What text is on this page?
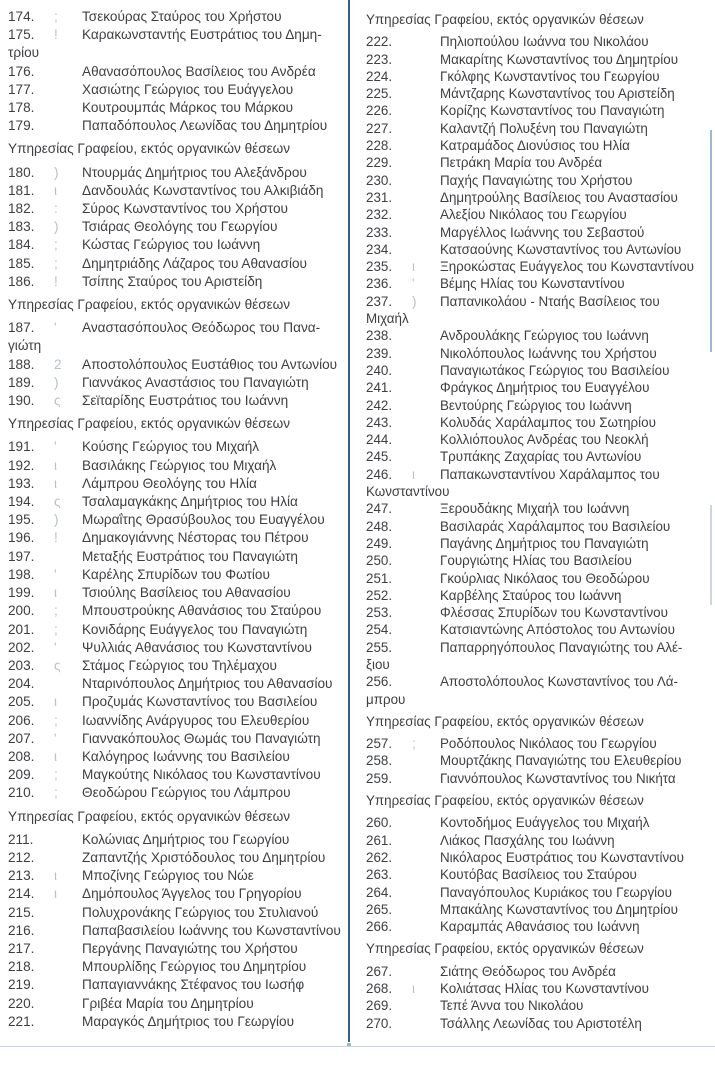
174. ; Τσεκούρας Σταύρος του Χρήστου

175. ! Καρακωνσταντής Ευστράτιος του Δημη-
τρίου

176.	Αθανασόπουλος Βασίλειος του Ανδρέα

177.	Χασιώτης Γεώργιος του Ευάγγελου

178.	Κουτρουμπάς Μάρκος του Μάρκου

179.	Παπαδόπουλος Λεωνίδας του Δημητρίου

Υπηρεσίας Γραφείου, εκτός οργανικών θέσεων

180. ) Ντουρμάς Δημήτριος του Αλεξάνδρου

181. ι Δανδουλάς Κωνσταντίνος του Αλκιβιάδη

182. : Σύρος Κωνσταντίνος του Χρήστου

183. ) Τσιάρας Θεολόγης του Γεωργίου

184. ; Κώστας Γεώργιος του Ιωάννη

185. ; Δημητριάδης Λάζαρος του Αθανασίου

186. ! Τσίπης Σταύρος του Αριστείδη

Υπηρεσίας Γραφείου, εκτός οργανικών θέσεων

187. ' Αναστασόπουλος Θεόδωρος του Πανα-
γιώτη

188. 2 Αποστολόπουλος Ευστάθιος του Αντωνίου

189. ) Γιαννάκος Αναστάσιος του Παναγιώτη

190. ς Σεϊταρίδης Ευστράτιος του Ιωάννη

Υπηρεσίας Γραφείου, εκτός οργανικών θέσεων

191. ' Κούσης Γεώργιος του Μιχαήλ

192. ι Βασιλάκης Γεώργιος του Μιχαήλ

193. ι Λάμπρου Θεολόγης του Ηλία

194. ς Τσαλαμαγκάκης Δημήτριος του Ηλία

195. ) Μωραΐτης Θρασύβουλος του Ευαγγέλου

196. ! Δημακογιάννης Νέστορας του Πέτρου

197.	Μεταξής Ευστράτιος του Παναγιώτη

198. ' Καρέλης Σπυρίδων του Φωτίου

199. ι Τσιούλης Βασίλειος του Αθανασίου

200. ; Μπουστρούκης Αθανάσιος του Σταύρου

201. ; Κονιδάρης Ευάγγελος του Παναγιώτη

202. ' Ψυλλιάς Αθανάσιος του Κωνσταντίνου

203. ς Στάμος Γεώργιος του Τηλέμαχου

204.	Νταρινόπουλος Δημήτριος του Αθανασίου

205. ι Προζυμάς Κωνσταντίνος του Βασιλείου

206. ; Ιωαννίδης Ανάργυρος του Ελευθερίου

207. ' Γιαννακόπουλος Θωμάς του Παναγιώτη

208. ι Καλόγηρος Ιωάννης του Βασιλείου

209. ; Μαγκούτης Νικόλαος του Κωνσταντίνου

210. ; Θεοδώρου Γεώργιος του Λάμπρου

Υπηρεσίας Γραφείου, εκτός οργανικών θέσεων

211.	Κολώνιας Δημήτριος του Γεωργίου

212.	Ζαπαντζής Χριστόδουλος του Δημητρίου

213. ι Μποζίνης Γεώργιος του Νώε

214. ι Δημόπουλος Άγγελος του Γρηγορίου

215.	Πολυχρονάκης Γεώργιος του Στυλιανού

216.	Παπαβασιλείου Ιωάννης του Κωνσταντίνου

217.	Περγάνης Παναγιώτης του Χρήστου

218.	Μπουρλίδης Γεώργιος του Δημητρίου

219.	Παπαγιαννάκης Στέφανος του Ιωσήφ

220.	Γριβέα Μαρία του Δημητρίου

221.	Μαραγκός Δημήτριος του Γεωργίου

Υπηρεσίας Γραφείου, εκτός οργανικών θέσεων

222.	Πηλιοπούλου Ιωάννα του Νικολάου

223.	Μακαρίτης Κωνσταντίνος του Δημητρίου

224.	Γκόλφης Κωνσταντίνος του Γεωργίου

225.	Μάντζαρης Κωνσταντίνος του Αριστείδη

226.	Κορίζης Κωνσταντίνος του Παναγιώτη

227.	Καλαντζή Πολυξένη του Παναγιώτη

228.	Κατραμάδος Διονύσιος του Ηλία

229.	Πετράκη Μαρία του Ανδρέα

230.	Παχής Παναγιώτης του Χρήστου

231.	Δημητρούλης Βασίλειος του Αναστασίου

232.	Αλεξίου Νικόλαος του Γεωργίου

233.	Μαργέλλος Ιωάννης του Σεβαστού

234.	Κατσαούνης Κωνσταντίνος του Αντωνίου

235. ι Ξηροκώστας Ευάγγελος του Κωνσταντίνου

236. ' Βέμης Ηλίας του Κωνσταντίνου

237. ) Παπανικολάου - Νταής Βασίλειος του
Μιχαήλ

238.	Ανδρουλάκης Γεώργιος του Ιωάννη

239.	Νικολόπουλος Ιωάννης του Χρήστου

240.	Παναγιωτάκος Γεώργιος του Βασιλείου

241.	Φράγκος Δημήτριος του Ευαγγέλου

242.	Βεντούρης Γεώργιος του Ιωάννη

243.	Κολυδάς Χαράλαμπος του Σωτηρίου

244.	Κολλιόπουλος Ανδρέας του Νεοκλή

245.	Τρυπάκης Ζαχαρίας του Αντωνίου

246. ι Παπακωνσταντίνου Χαράλαμπος του
Κωνσταντίνου

247.	Ξερουδάκης Μιχαήλ του Ιωάννη

248.	Βασιλαράς Χαράλαμπος του Βασιλείου

249.	Παγάνης Δημήτριος του Παναγιώτη

250.	Γουργιώτης Ηλίας του Βασιλείου

251.	Γκούρλιας Νικόλαος του Θεοδώρου

252.	Καρβέλης Σταύρος του Ιωάννη

253.	Φλέσσας Σπυρίδων του Κωνσταντίνου

254.	Κατσιαντώνης Απόστολος του Αντωνίου

255.	Παπαρρηγόπουλος Παναγιώτης του Αλέ-
ξιου

256.	Αποστολόπουλος Κωνσταντίνος του Λά-
μπρου

Υπηρεσίας Γραφείου, εκτός οργανικών θέσεων

257. ; Ροδόπουλος Νικόλαος του Γεωργίου

258.	Μουρτζάκης Παναγιώτης του Ελευθερίου

259.	Γιαννόπουλος Κωνσταντίνος του Νικήτα

Υπηρεσίας Γραφείου, εκτός οργανικών θέσεων

260.	Κοντοδήμος Ευάγγελος του Μιχαήλ

261.	Λιάκος Πασχάλης του Ιωάννη

262.	Νικόλαρος Ευστράτιος του Κωνσταντίνου

263.	Κουτόβας Βασίλειος του Σταύρου

264.	Παναγόπουλος Κυριάκος του Γεωργίου

265.	Μπακάλης Κωνσταντίνος του Δημητρίου

266.	Καραμπάς Αθανάσιος του Ιωάννη

Υπηρεσίας Γραφείου, εκτός οργανικών θέσεων

267.	Σιάτης Θεόδωρος του Ανδρέα

268. ι Κολιάτσας Ηλίας του Κωνσταντίνου

269.	Τεπέ Άννα του Νικολάου

270.	Τσάλλης Λεωνίδας του Αριστοτέλη
